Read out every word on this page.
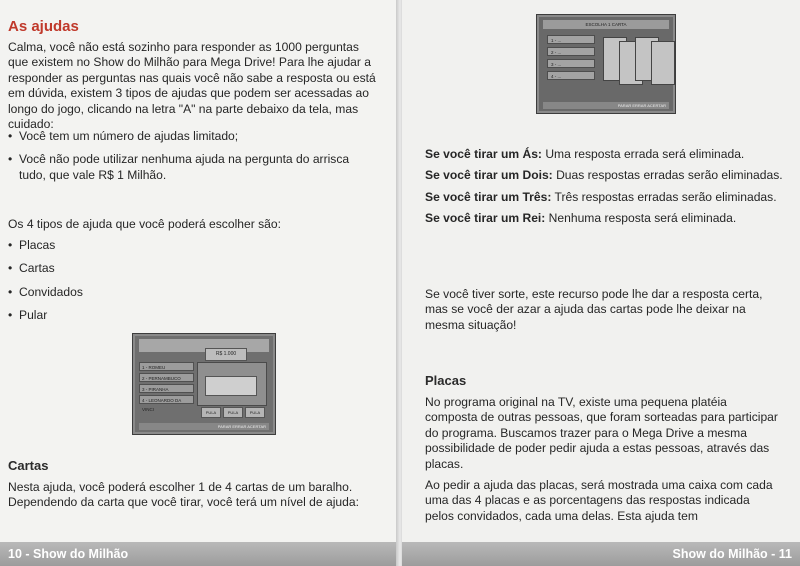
As ajudas

Calma, você não está sozinho para responder as 1000 perguntas que existem no Show do Milhão para Mega Drive! Para lhe ajudar a responder as perguntas nas quais você não sabe a resposta ou está em dúvida, existem 3 tipos de ajudas que podem ser acessadas ao longo do jogo, clicando na letra "A" na parte debaixo da tela, mas cuidado:

• Você tem um número de ajudas limitado;
• Você não pode utilizar nenhuma ajuda na pergunta do arrisca tudo, que vale R$ 1 Milhão.

Os 4 tipos de ajuda que você poderá escolher são:

• Placas
• Cartas
• Convidados
• Pular
R$ 1.000
1 - ROMEU
2 - PERNAMBUCO
3 - PIRANHA
4 - LEONARDO DA VINCI
PULA	PULA	PULA
PARAR ERRAR ACERTAR
Cartas

Nesta ajuda, você poderá escolher 1 de 4 cartas de um baralho. Dependendo da carta que você tirar, você terá um nível de ajuda:

10 - Show do Milhão
ESCOLHA 1 CARTA
1 - ...
2 - ...
3 - ...
4 - ...
PARAR ERRAR ACERTAR

Se você tirar um Ás: Uma resposta errada será eliminada.

Se você tirar um Dois: Duas respostas erradas serão eliminadas.

Se você tirar um Três: Três respostas erradas serão eliminadas.

Se você tirar um Rei: Nenhuma resposta será eliminada.

Se você tiver sorte, este recurso pode lhe dar a resposta certa, mas se você der azar a ajuda das cartas pode lhe deixar na mesma situação!

Placas

No programa original na TV, existe uma pequena platéia composta de outras pessoas, que foram sorteadas para participar do programa. Buscamos trazer para o Mega Drive a mesma possibilidade de poder pedir ajuda a estas pessoas, através das placas.

Ao pedir a ajuda das placas, será mostrada uma caixa com cada uma das 4 placas e as porcentagens das respostas indicada pelos convidados, cada uma delas. Esta ajuda tem

Show do Milhão - 11
